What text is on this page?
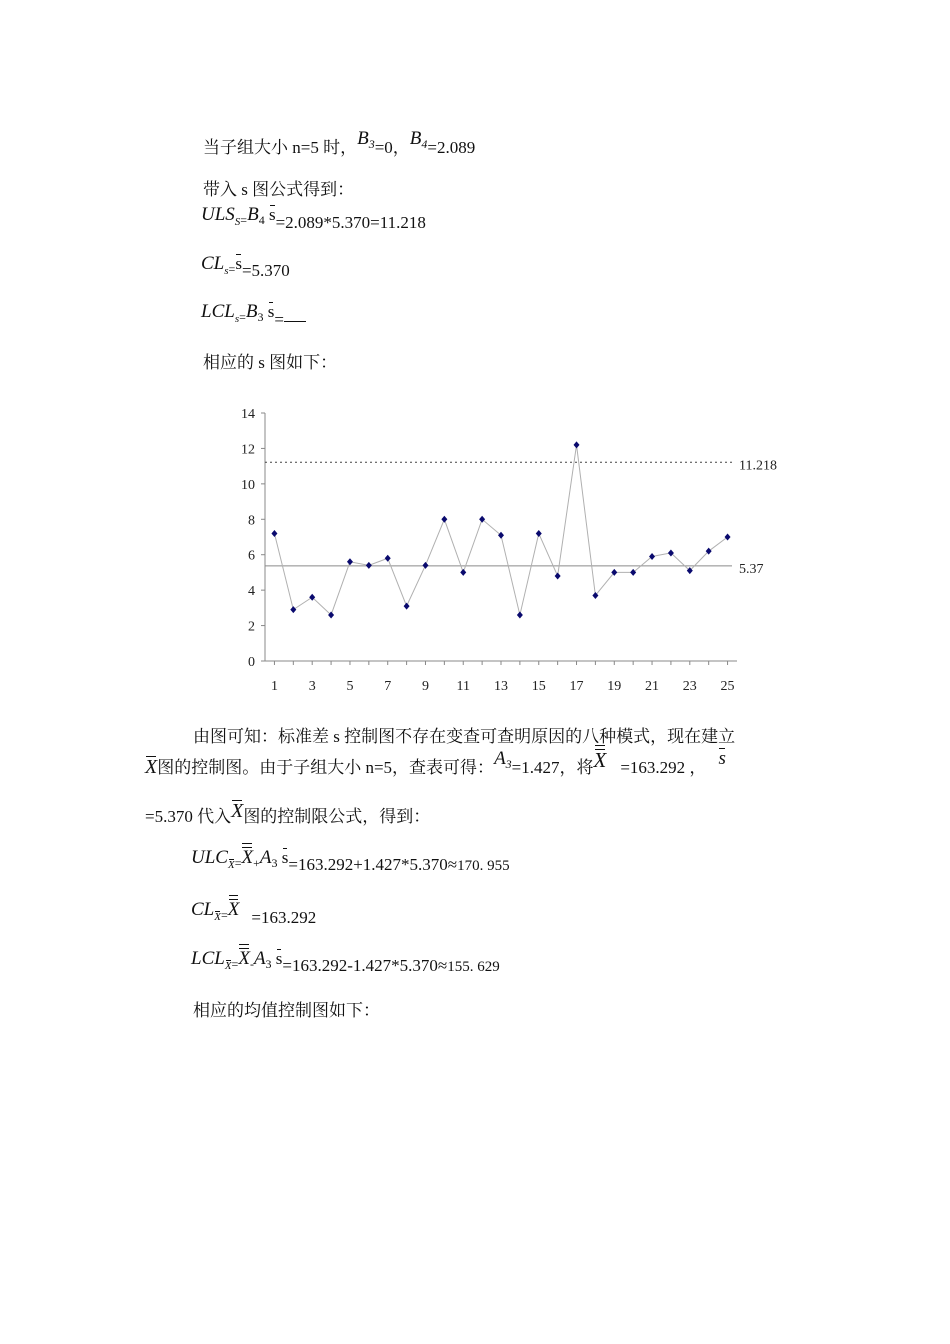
当子组大小 n=5 时，$B_3=0$，$B_4=2.089$
带入 s 图公式得到：
$ULS_{S=}B_4$ s=2.089*5.370=11.218
$CL_{s=}s=5.370$
$LCL_{s=}B_3$ s=
相应的 s 图如下：
0
2
4
6
8
10
12
14
1 3 5 7 9 11 13 15 17 19 21 23 25
11.218
5.37
由图可知：标准差 s 控制图不存在变查可查明原因的八种模式，现在建立
X图的控制图。由于子组大小 n=5，查表可得：$A_3=1.427$，将X =163.292 ， s
=5.370 代入X图的控制限公式，得到：
$ULCX_=X_+A_3$ s=163.292+1.427*5.370≈170. 955
$CLX_=X =163.292$
$LCLX_=X_-A_3$ s=163.292-1.427*5.370≈155. 629
相应的均值控制图如下：
